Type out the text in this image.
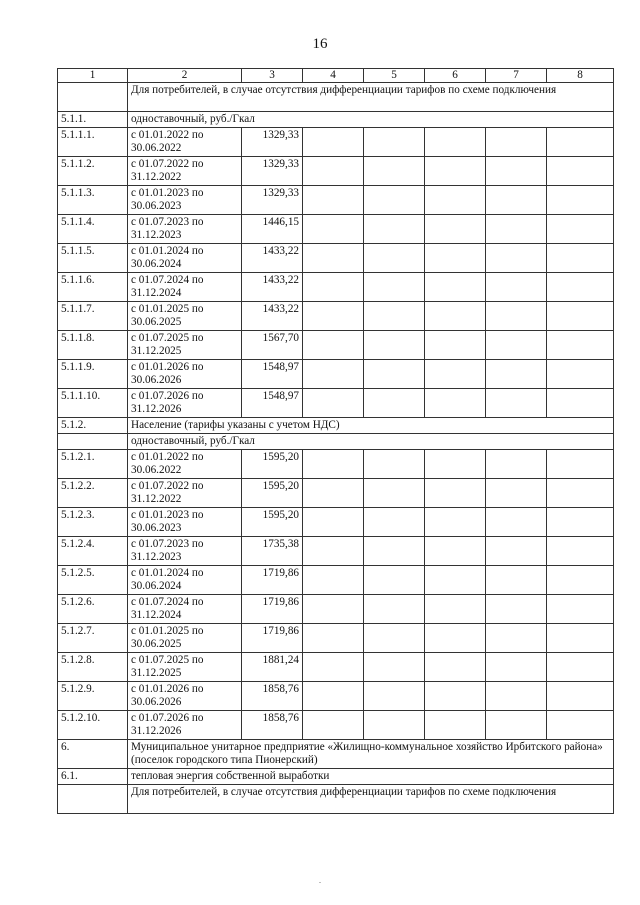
16
1	2	3	4	5	6	7	8
	Для потребителей, в случае отсутствия дифференциации тарифов по схеме подключения						
5.1.1.	одноставочный, руб./Гкал						
5.1.1.1.	с 01.01.2022 по 30.06.2022	1329,33					
5.1.1.2.	с 01.07.2022 по 31.12.2022	1329,33					
5.1.1.3.	с 01.01.2023 по 30.06.2023	1329,33					
5.1.1.4.	с 01.07.2023 по 31.12.2023	1446,15					
5.1.1.5.	с 01.01.2024 по 30.06.2024	1433,22					
5.1.1.6.	с 01.07.2024 по 31.12.2024	1433,22					
5.1.1.7.	с 01.01.2025 по 30.06.2025	1433,22					
5.1.1.8.	с 01.07.2025 по 31.12.2025	1567,70					
5.1.1.9.	с 01.01.2026 по 30.06.2026	1548,97					
5.1.1.10.	с 01.07.2026 по 31.12.2026	1548,97					
5.1.2.	Население (тарифы указаны с учетом НДС)						
	одноставочный, руб./Гкал						
5.1.2.1.	с 01.01.2022 по 30.06.2022	1595,20					
5.1.2.2.	с 01.07.2022 по 31.12.2022	1595,20					
5.1.2.3.	с 01.01.2023 по 30.06.2023	1595,20					
5.1.2.4.	с 01.07.2023 по 31.12.2023	1735,38					
5.1.2.5.	с 01.01.2024 по 30.06.2024	1719,86					
5.1.2.6.	с 01.07.2024 по 31.12.2024	1719,86					
5.1.2.7.	с 01.01.2025 по 30.06.2025	1719,86					
5.1.2.8.	с 01.07.2025 по 31.12.2025	1881,24					
5.1.2.9.	с 01.01.2026 по 30.06.2026	1858,76					
5.1.2.10.	с 01.07.2026 по 31.12.2026	1858,76					
6.	Муниципальное унитарное предприятие «Жилищно-коммунальное хозяйство Ирбитского района» (поселок городского типа Пионерский)						
6.1.	тепловая энергия собственной выработки						
	Для потребителей, в случае отсутствия дифференциации тарифов по схеме подключения						
.
